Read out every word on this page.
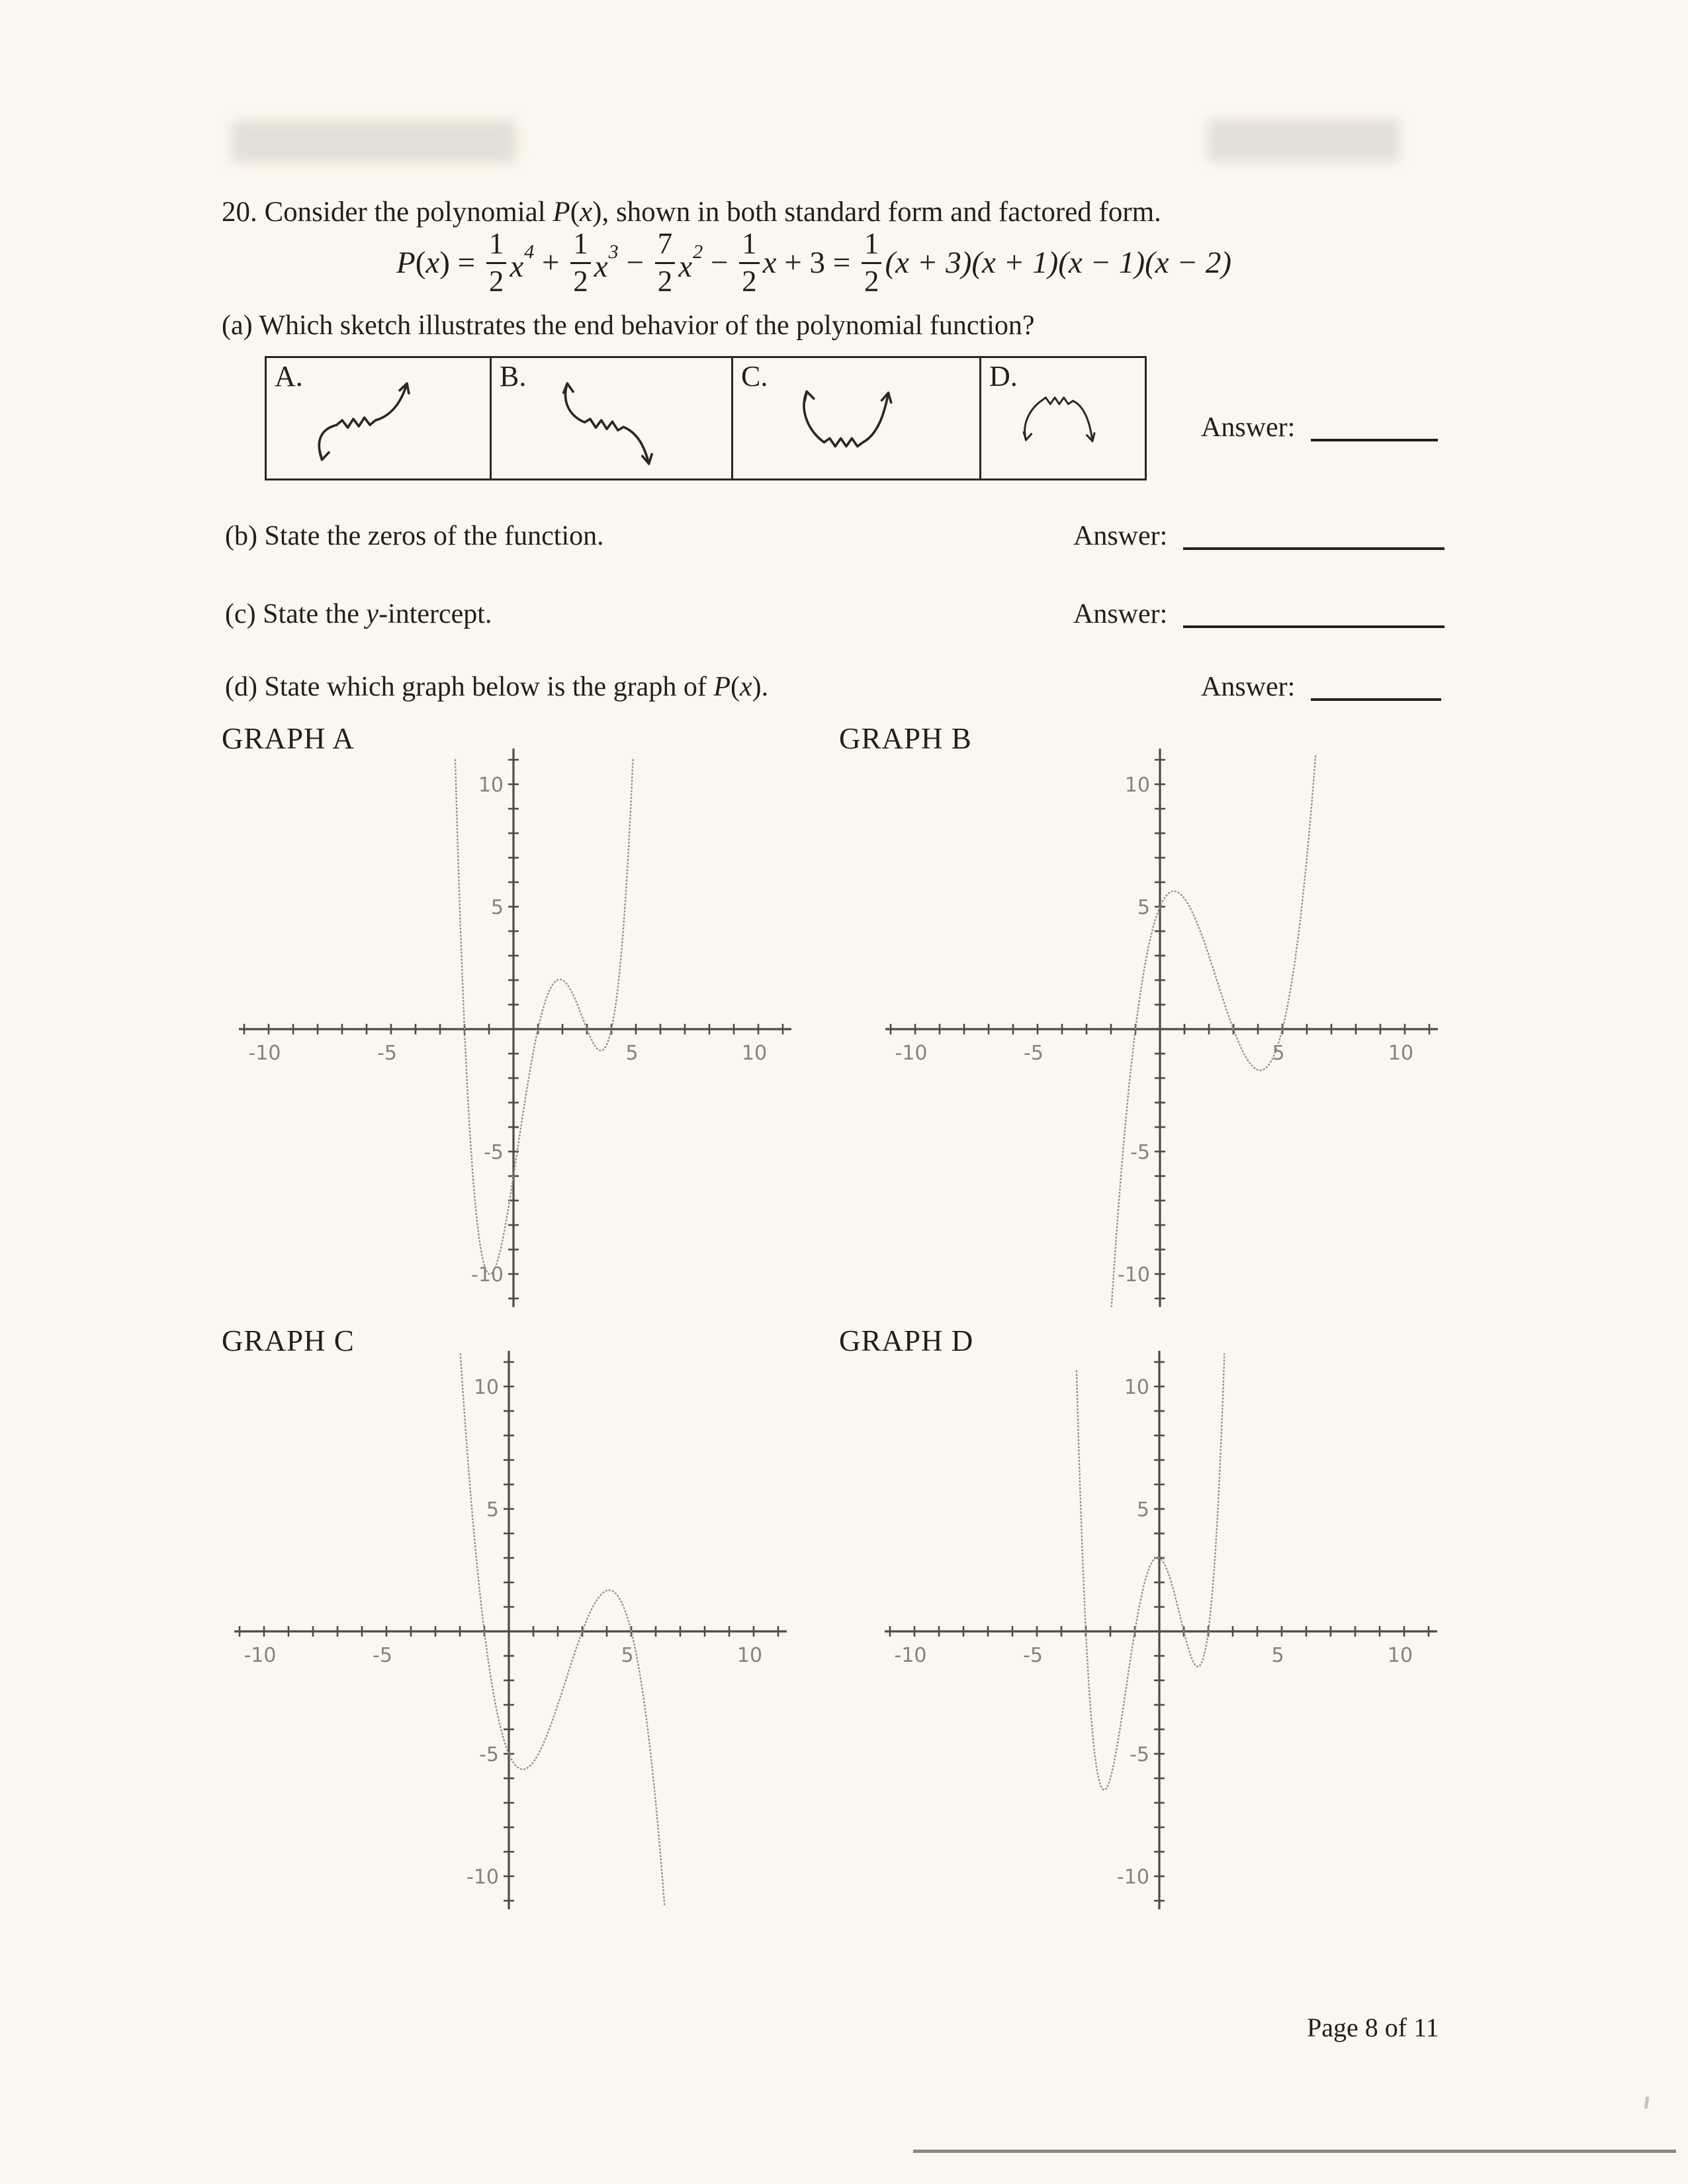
20. Consider the polynomial P(x), shown in both standard form and factored form.
P ( x ) = $\frac{1}{2} x^4 + \frac{1}{2} x^3 - \frac{7}{2} x^2 - \frac{1}{2}$ $x + 3 = \frac{1}{2} (x + 3)(x + 1)(x - 1)(x - 2)$
(a) Which sketch illustrates the end behavior of the polynomial function?
A.	B.	C.	D.
Answer:
(b) State the zeros of the function.	Answer:
(c) State the y-intercept.	Answer:
(d) State which graph below is the graph of P(x).	Answer:
GRAPH A	GRAPH B
-10	-5	5	10
10
5
-5
-10
-10	-5	5	10
10
5
-5
-10
GRAPH C	GRAPH D
-10	-5	5	10
10
5
-5
-10
-10	-5	5	10
10
5
-5
-10
Page 8 of 11
